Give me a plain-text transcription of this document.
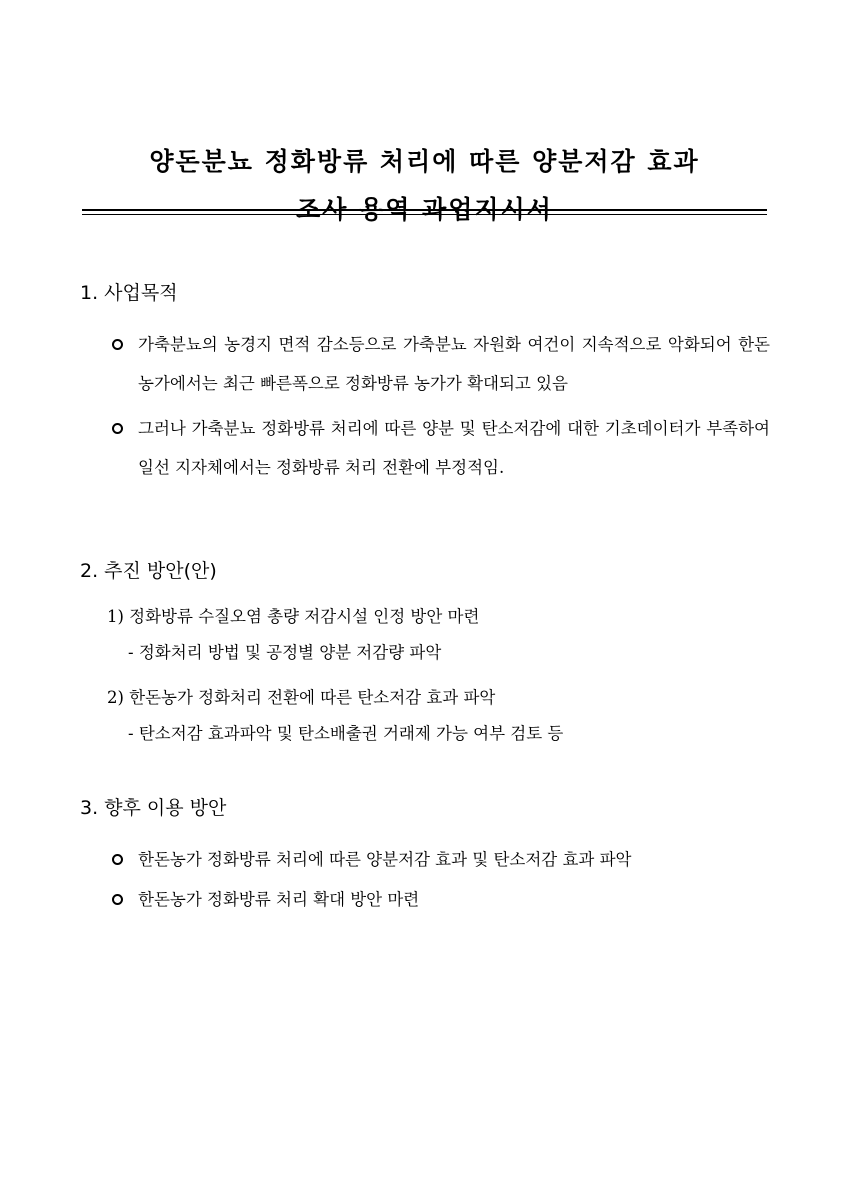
양돈분뇨 정화방류 처리에 따른 양분저감 효과
조사 용역 과업지시서
1. 사업목적
가축분뇨의 농경지 면적 감소등으로 가축분뇨 자원화 여건이 지속적으로 악화되어 한돈 농가에서는 최근 빠른폭으로 정화방류 농가가 확대되고 있음
그러나 가축분뇨 정화방류 처리에 따른 양분 및 탄소저감에 대한 기초데이터가 부족하여 일선 지자체에서는 정화방류 처리 전환에 부정적임.
2. 추진 방안(안)
1) 정화방류 수질오염 총량 저감시설 인정 방안 마련
- 정화처리 방법 및 공정별 양분 저감량 파악
2) 한돈농가 정화처리 전환에 따른 탄소저감 효과 파악
- 탄소저감 효과파악 및 탄소배출권 거래제 가능 여부 검토 등
3. 향후 이용 방안
한돈농가 정화방류 처리에 따른 양분저감 효과 및 탄소저감 효과 파악
한돈농가 정화방류 처리 확대 방안 마련
